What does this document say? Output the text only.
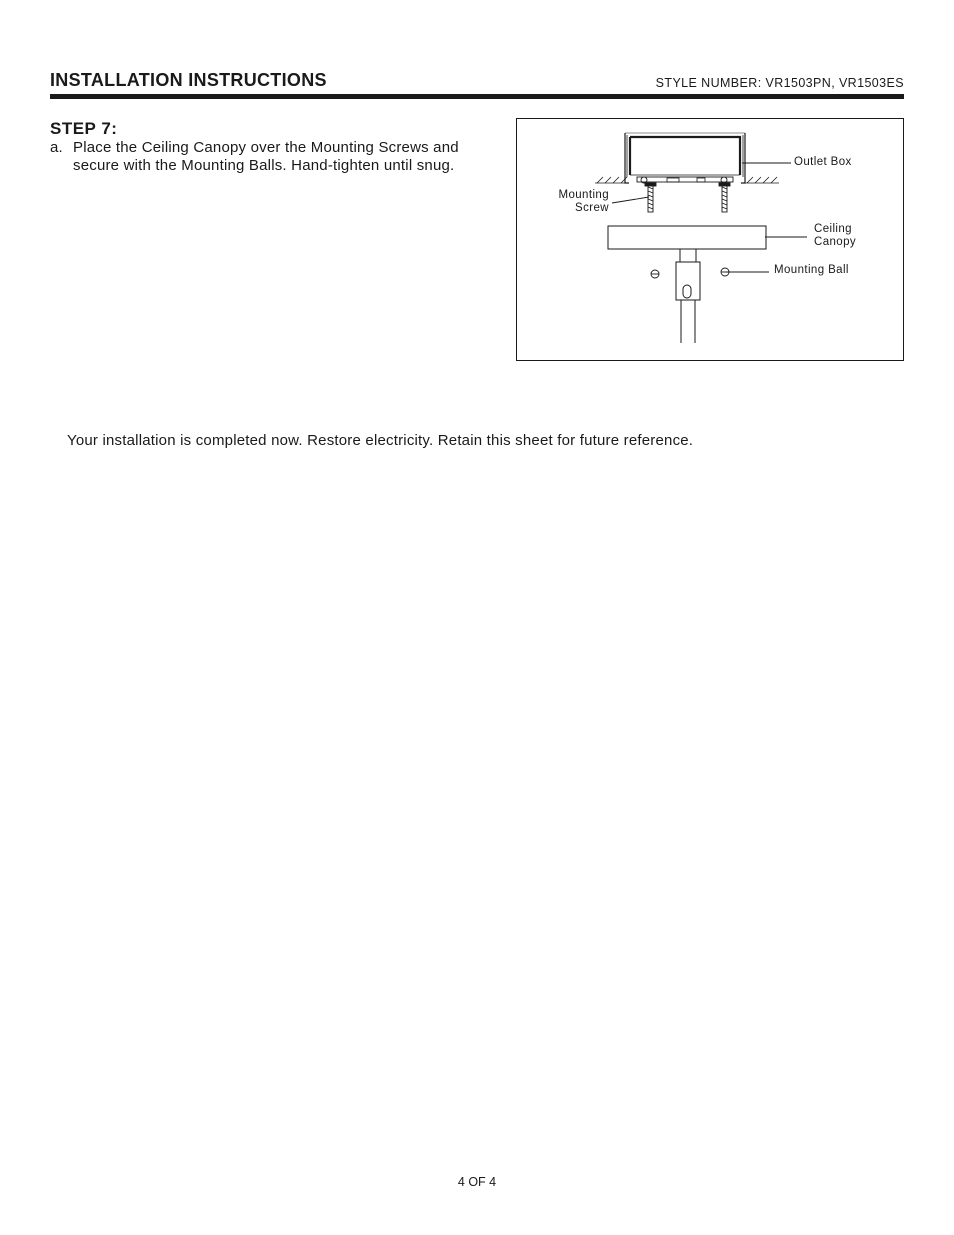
INSTALLATION INSTRUCTIONS	STYLE NUMBER: VR1503PN, VR1503ES
STEP 7:
a. Place the Ceiling Canopy over the Mounting Screws and secure with the Mounting Balls. Hand-tighten until snug.	Outlet Box
Mounting
Screw
Ceiling
Canopy
Mounting Ball
Your installation is completed now. Restore electricity. Retain this sheet for future reference.
4 OF 4
